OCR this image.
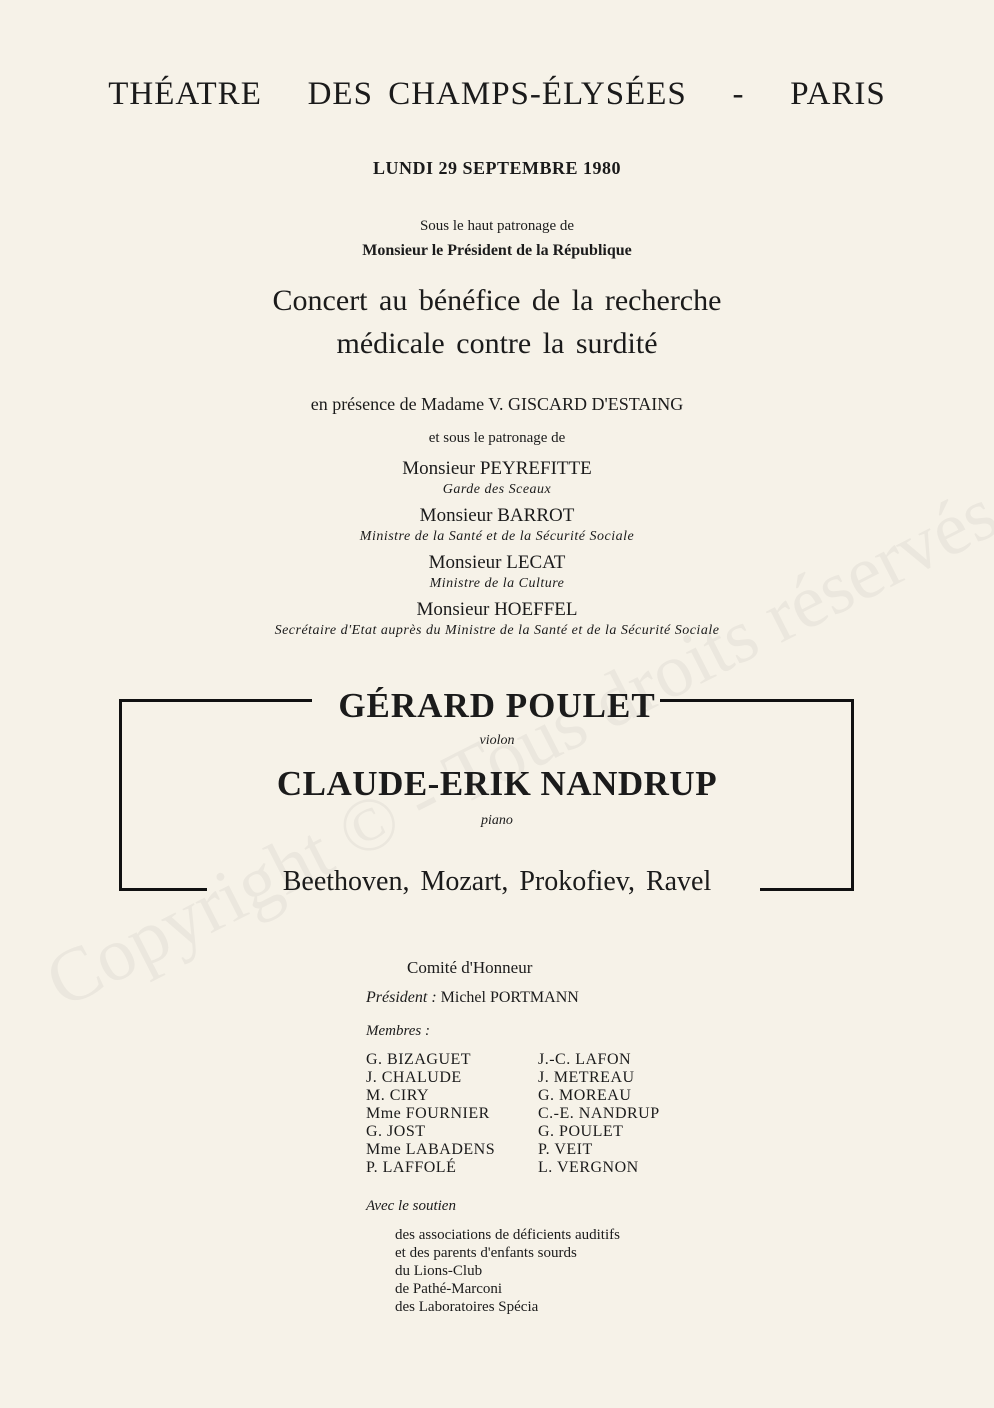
THÉATRE   DES CHAMPS-ÉLYSÉES   -   PARIS
LUNDI 29 SEPTEMBRE 1980
Sous le haut patronage de
Monsieur le Président de la République
Concert au bénéfice de la recherche
médicale contre la surdité
en présence de Madame V. GISCARD D'ESTAING
et sous le patronage de
Monsieur PEYREFITTE
Garde des Sceaux
Monsieur BARROT
Ministre de la Santé et de la Sécurité Sociale
Monsieur LECAT
Ministre de la Culture
Monsieur HOEFFEL
Secrétaire d'Etat auprès du Ministre de la Santé et de la Sécurité Sociale
GÉRARD POULET
violon
CLAUDE-ERIK NANDRUP
piano
Beethoven, Mozart, Prokofiev, Ravel
Comité d'Honneur
Président : Michel PORTMANN
Membres :
G. BIZAGUET
J. CHALUDE
M. CIRY
Mme FOURNIER
G. JOST
Mme LABADENS
P. LAFFOLÉ
J.-C. LAFON
J. METREAU
G. MOREAU
C.-E. NANDRUP
G. POULET
P. VEIT
L. VERGNON
Avec le soutien
des associations de déficients auditifs
et des parents d'enfants sourds
du Lions-Club
de Pathé-Marconi
des Laboratoires Spécia
